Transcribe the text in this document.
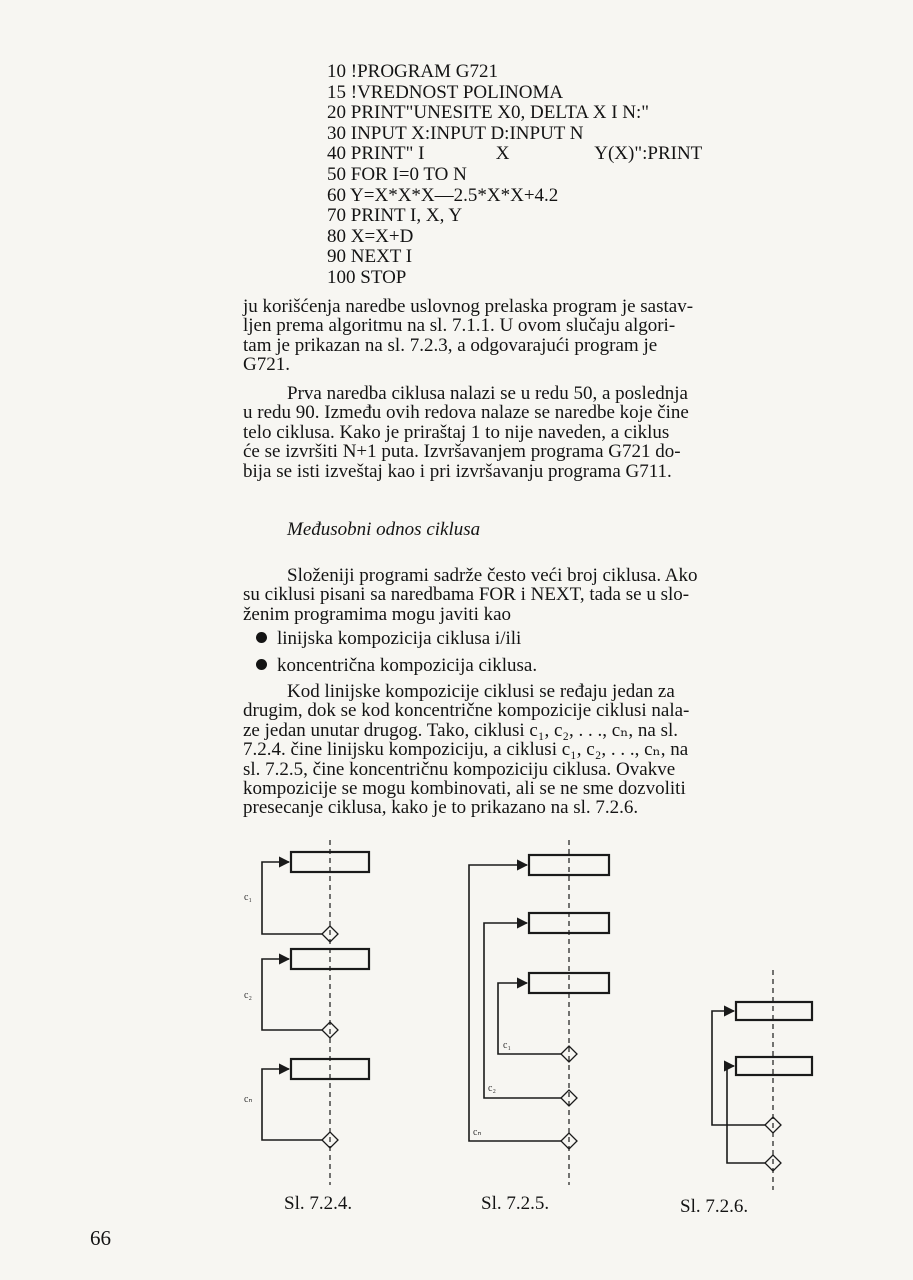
10 !PROGRAM G721
15 !VREDNOST POLINOMA
20 PRINT"UNESITE X0, DELTA X I N:"
30 INPUT X:INPUT D:INPUT N
40 PRINT" I               X                  Y(X)":PRINT
50 FOR I=0 TO N
60 Y=X*X*X—2.5*X*X+4.2
70 PRINT I, X, Y
80 X=X+D
90 NEXT I
100 STOP
ju korišćenja naredbe uslovnog prelaska program je sastav-
ljen prema algoritmu na sl. 7.1.1. U ovom slučaju algori-
tam je prikazan na sl. 7.2.3, a odgovarajući program je
G721.
Prva naredba ciklusa nalazi se u redu 50, a poslednja
u redu 90. Između ovih redova nalaze se naredbe koje čine
telo ciklusa. Kako je priraštaj 1 to nije naveden, a ciklus
će se izvršiti N+1 puta. Izvršavanjem programa G721 do-
bija se isti izveštaj kao i pri izvršavanju programa G711.
Međusobni odnos ciklusa
Složeniji programi sadrže često veći broj ciklusa. Ako
su ciklusi pisani sa naredbama FOR i NEXT, tada se u slo-
ženim programima mogu javiti kao
linijska kompozicija ciklusa i/ili
koncentrična kompozicija ciklusa.
Kod linijske kompozicije ciklusi se ređaju jedan za
drugim, dok se kod koncentrične kompozicije ciklusi nala-
ze jedan unutar drugog. Tako, ciklusi c₁, c₂, . . ., cₙ, na sl.
7.2.4. čine linijsku kompoziciju, a ciklusi c₁, c₂, . . ., cₙ, na
sl. 7.2.5, čine koncentričnu kompoziciju ciklusa. Ovakve
kompozicije se mogu kombinovati, ali se ne sme dozvoliti
presecanje ciklusa, kako je to prikazano na sl. 7.2.6.
c₁
c₂
cₙ
c₁
c₂
cₙ
Sl. 7.2.4.	Sl. 7.2.5.	Sl. 7.2.6.
66
